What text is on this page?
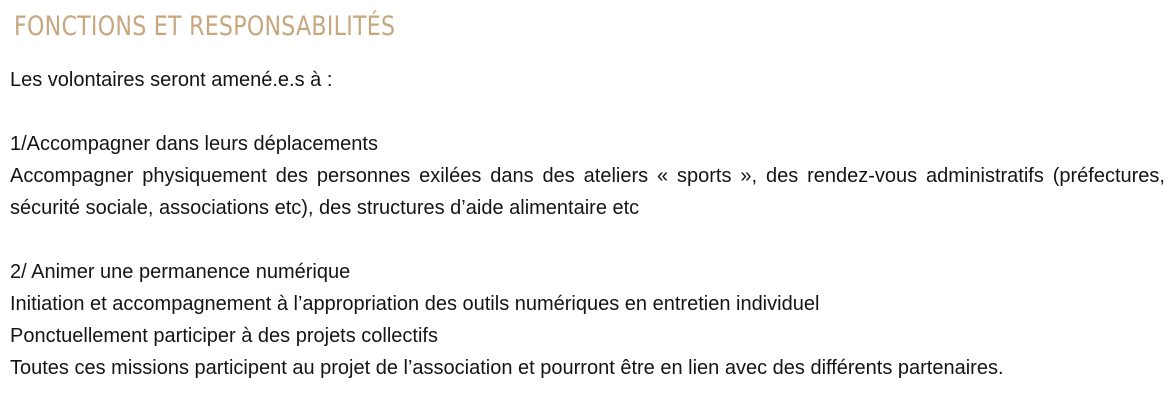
FONCTIONS ET RESPONSABILITÉS

Les volontaires seront amené.e.s à :

1/Accompagner dans leurs déplacements

Accompagner physiquement des personnes exilées dans des ateliers « sports », des rendez-vous administratifs (préfectures, sécurité sociale, associations etc), des structures d’aide alimentaire etc

2/ Animer une permanence numérique

Initiation et accompagnement à l’appropriation des outils numériques en entretien individuel

Ponctuellement participer à des projets collectifs

Toutes ces missions participent au projet de l’association et pourront être en lien avec des différents partenaires.
